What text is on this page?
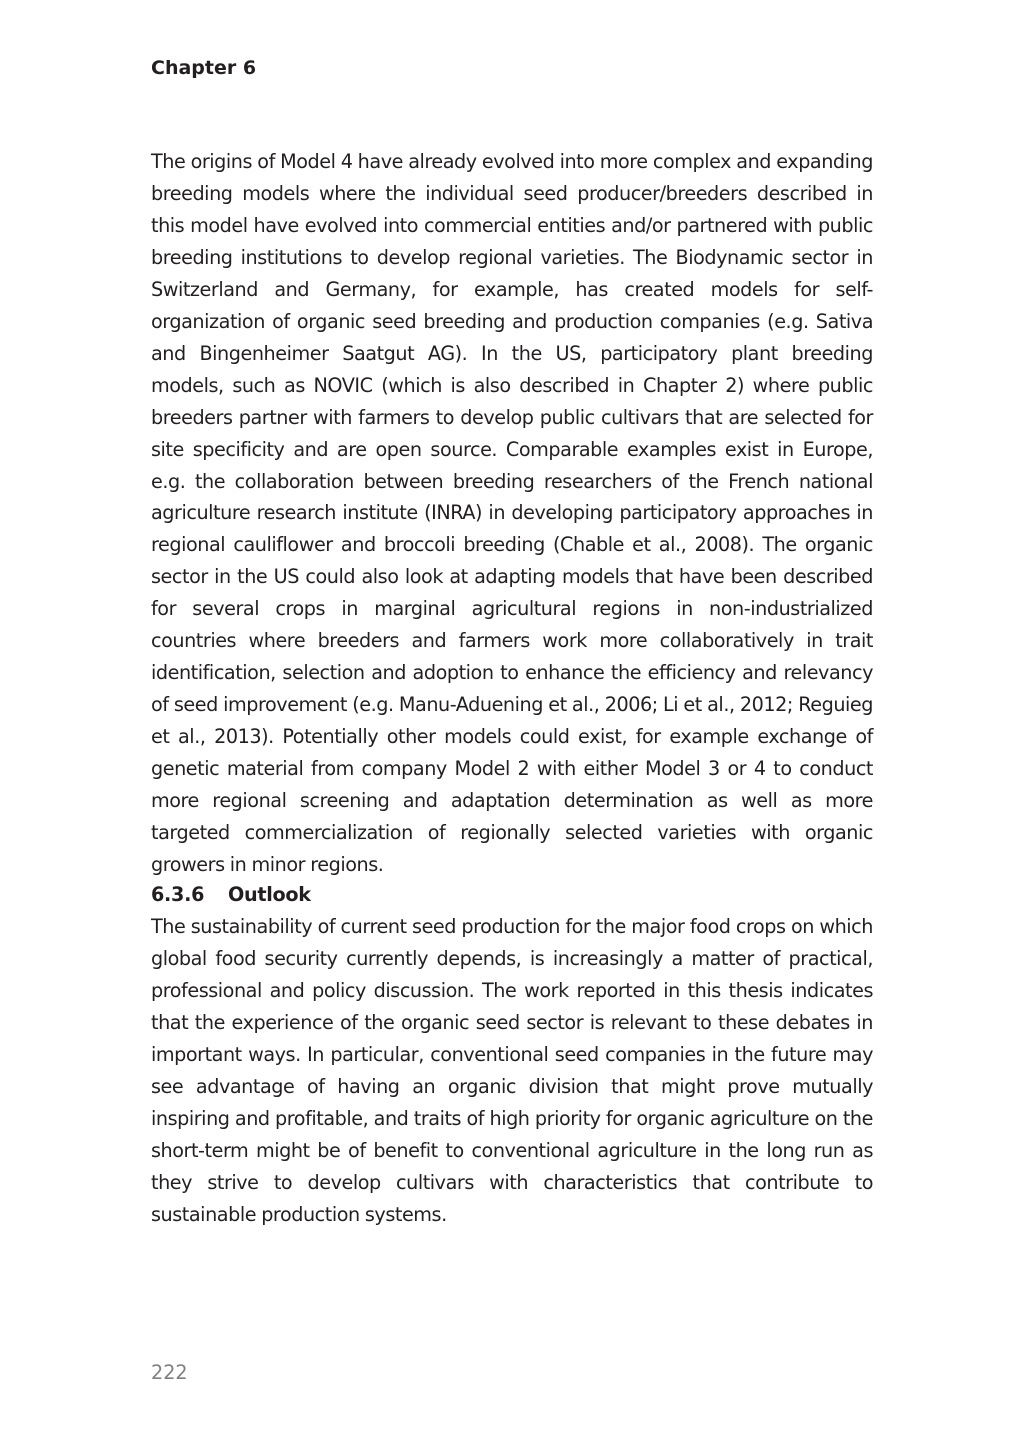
Chapter 6

The origins of Model 4 have already evolved into more complex and expanding breeding models where the individual seed producer/breeders described in this model have evolved into commercial entities and/or partnered with public breeding institutions to develop regional varieties. The Biodynamic sector in Switzerland and Germany, for example, has created models for self-organization of organic seed breeding and production companies (e.g. Sativa and Bingenheimer Saatgut AG). In the US, participatory plant breeding models, such as NOVIC (which is also described in Chapter 2) where public breeders partner with farmers to develop public cultivars that are selected for site specificity and are open source. Comparable examples exist in Europe, e.g. the collaboration between breeding researchers of the French national agriculture research institute (INRA) in developing participatory approaches in regional cauliflower and broccoli breeding (Chable et al., 2008). The organic sector in the US could also look at adapting models that have been described for several crops in marginal agricultural regions in non-industrialized countries where breeders and farmers work more collaboratively in trait identification, selection and adoption to enhance the efficiency and relevancy of seed improvement (e.g. Manu-Aduening et al., 2006; Li et al., 2012; Reguieg et al., 2013). Potentially other models could exist, for example exchange of genetic material from company Model 2 with either Model 3 or 4 to conduct more regional screening and adaptation determination as well as more targeted commercialization of regionally selected varieties with organic growers in minor regions.

6.3.6 Outlook

The sustainability of current seed production for the major food crops on which global food security currently depends, is increasingly a matter of practical, professional and policy discussion. The work reported in this thesis indicates that the experience of the organic seed sector is relevant to these debates in important ways. In particular, conventional seed companies in the future may see advantage of having an organic division that might prove mutually inspiring and profitable, and traits of high priority for organic agriculture on the short-term might be of benefit to conventional agriculture in the long run as they strive to develop cultivars with characteristics that contribute to sustainable production systems.

222
